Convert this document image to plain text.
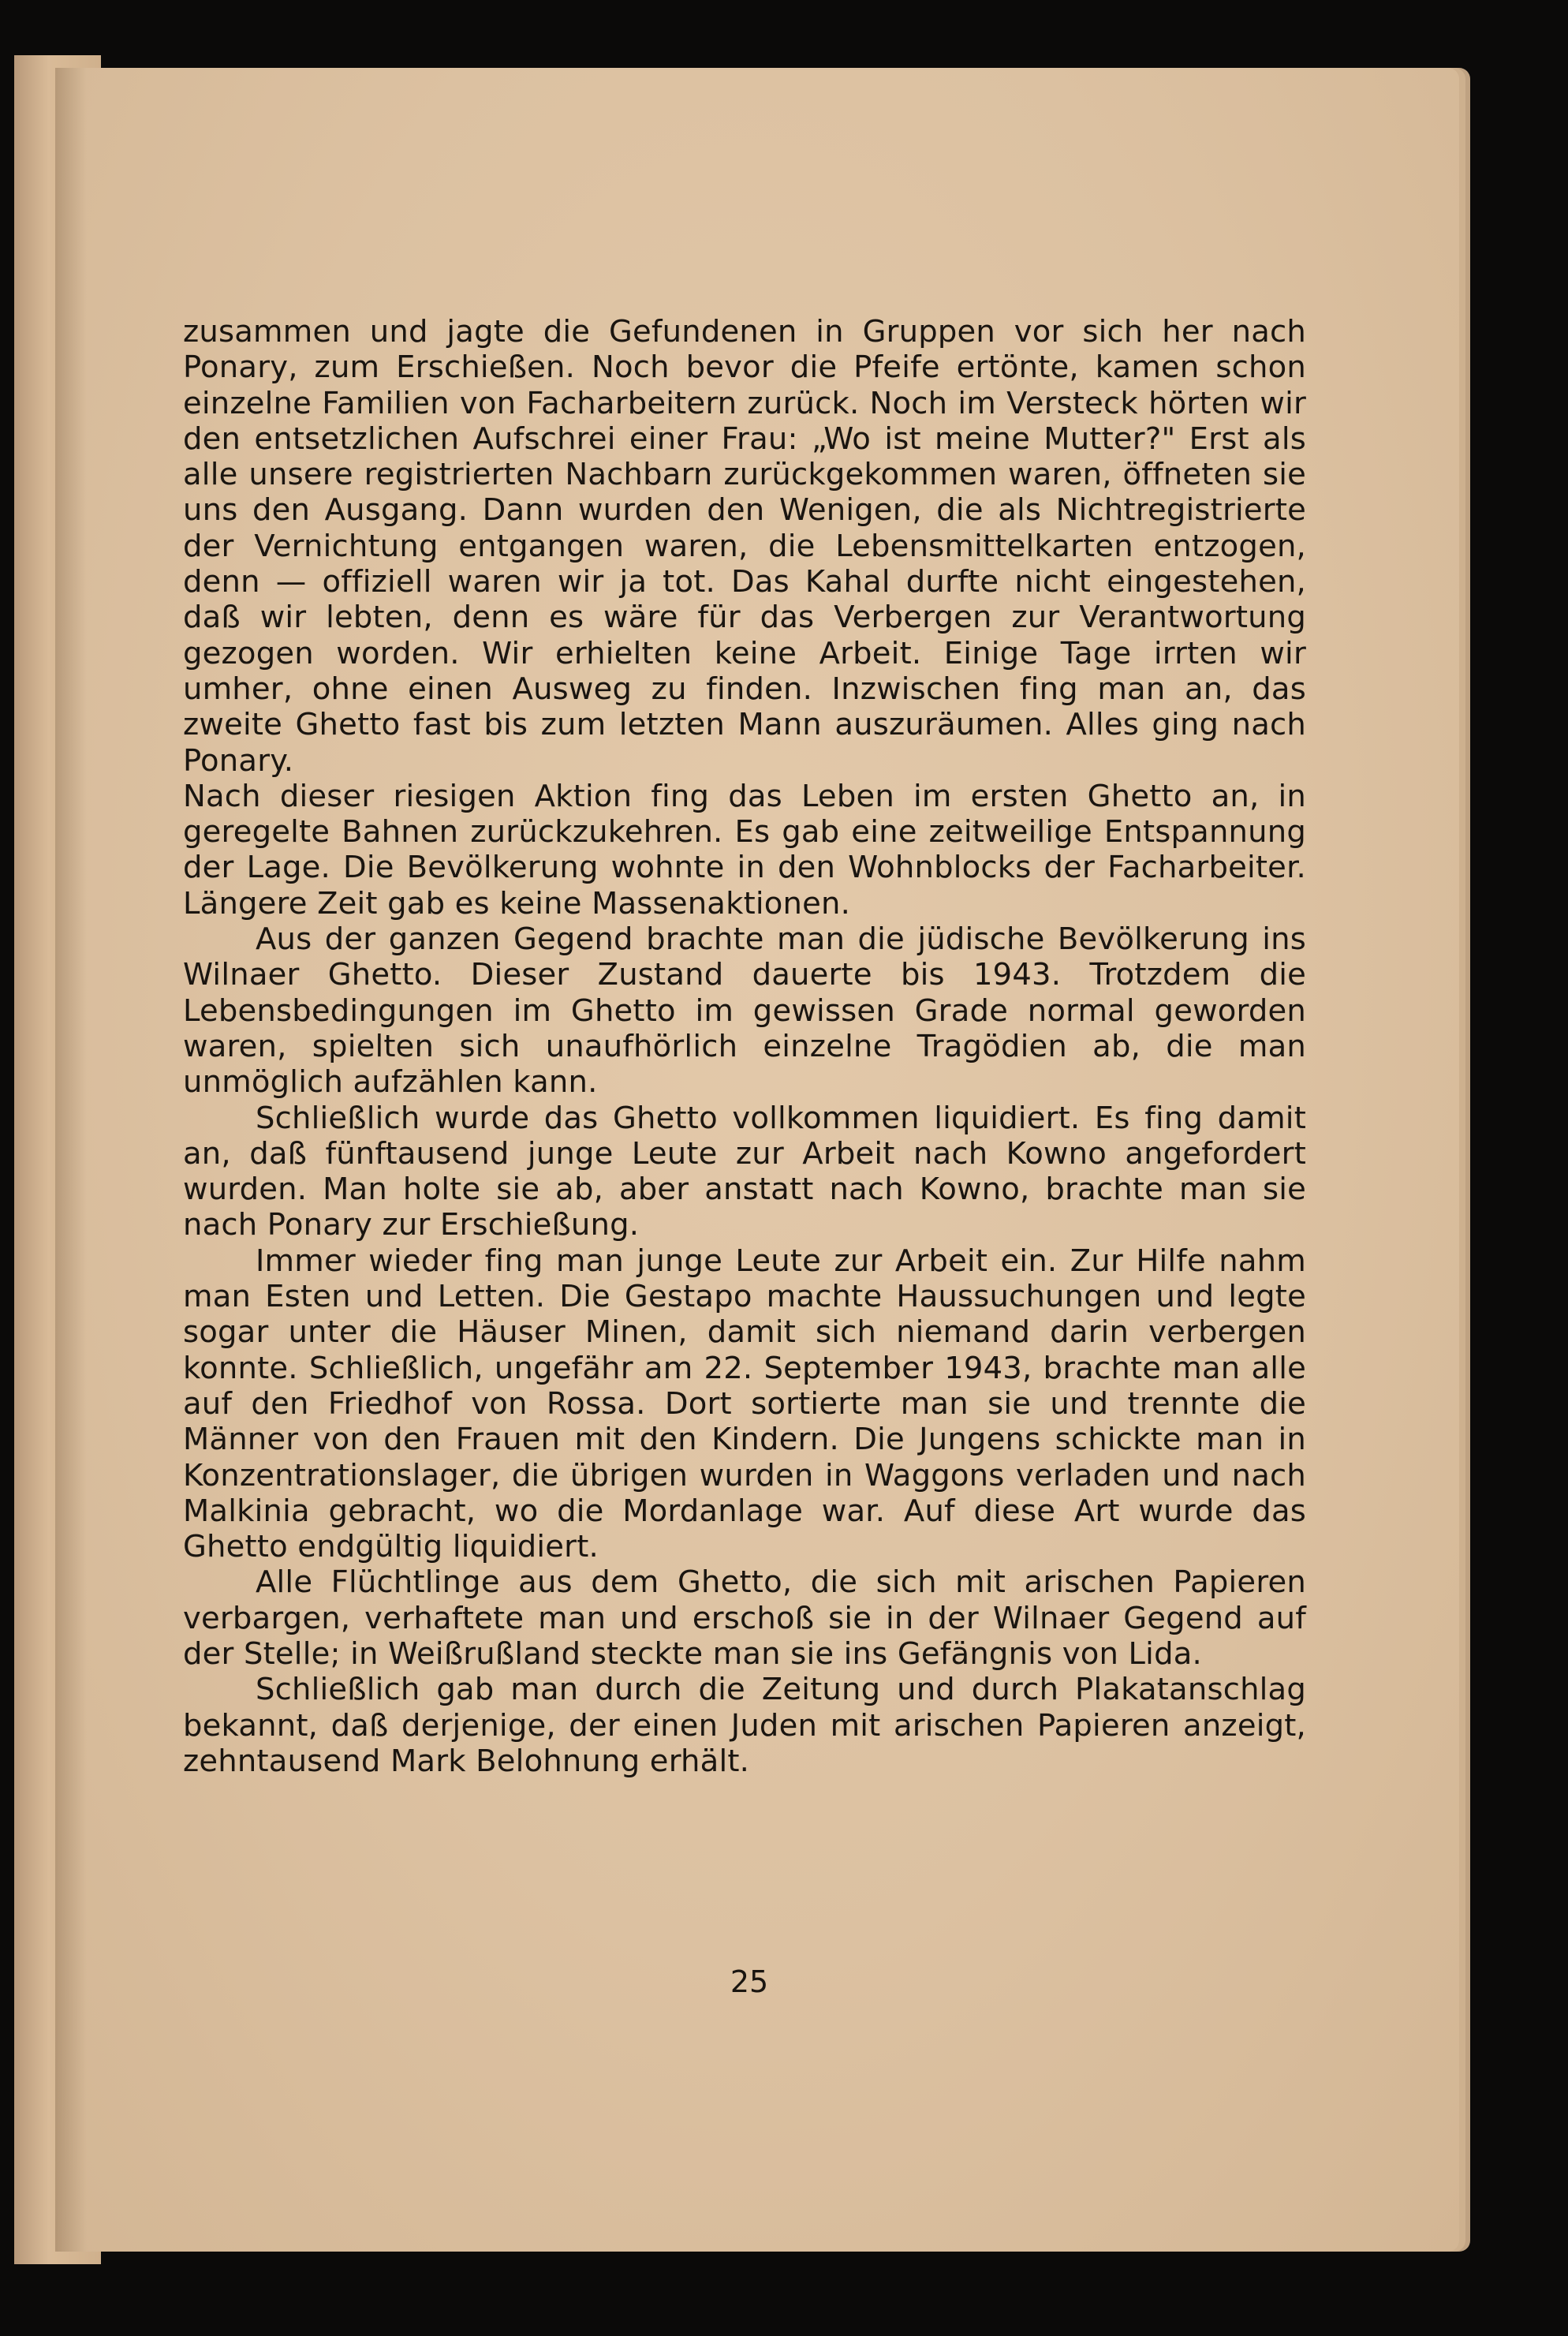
zusammen und jagte die Gefundenen in Gruppen vor sich her nach Ponary, zum Erschießen. Noch bevor die Pfeife ertönte, kamen schon einzelne Familien von Facharbeitern zurück. Noch im Versteck hörten wir den entsetzlichen Aufschrei einer Frau: „Wo ist meine Mutter?" Erst als alle unsere registrierten Nachbarn zurückgekommen waren, öffneten sie uns den Ausgang. Dann wurden den Wenigen, die als Nichtregistrierte der Vernichtung entgangen waren, die Lebensmittelkarten entzogen, denn — offiziell waren wir ja tot. Das Kahal durfte nicht eingestehen, daß wir lebten, denn es wäre für das Verbergen zur Verantwortung gezogen worden. Wir erhielten keine Arbeit. Einige Tage irrten wir umher, ohne einen Ausweg zu finden. Inzwischen fing man an, das zweite Ghetto fast bis zum letzten Mann auszuräumen. Alles ging nach Ponary.

Nach dieser riesigen Aktion fing das Leben im ersten Ghetto an, in geregelte Bahnen zurückzukehren. Es gab eine zeitweilige Entspannung der Lage. Die Bevölkerung wohnte in den Wohnblocks der Facharbeiter. Längere Zeit gab es keine Massenaktionen.

Aus der ganzen Gegend brachte man die jüdische Bevölkerung ins Wilnaer Ghetto. Dieser Zustand dauerte bis 1943. Trotzdem die Lebensbedingungen im Ghetto im gewissen Grade normal geworden waren, spielten sich unaufhörlich einzelne Tragödien ab, die man unmöglich aufzählen kann.

Schließlich wurde das Ghetto vollkommen liquidiert. Es fing damit an, daß fünftausend junge Leute zur Arbeit nach Kowno angefordert wurden. Man holte sie ab, aber anstatt nach Kowno, brachte man sie nach Ponary zur Erschießung.

Immer wieder fing man junge Leute zur Arbeit ein. Zur Hilfe nahm man Esten und Letten. Die Gestapo machte Haussuchungen und legte sogar unter die Häuser Minen, damit sich niemand darin verbergen konnte. Schließlich, ungefähr am 22. September 1943, brachte man alle auf den Friedhof von Rossa. Dort sortierte man sie und trennte die Männer von den Frauen mit den Kindern. Die Jungens schickte man in Konzentrationslager, die übrigen wurden in Waggons verladen und nach Malkinia gebracht, wo die Mordanlage war. Auf diese Art wurde das Ghetto endgültig liquidiert.

Alle Flüchtlinge aus dem Ghetto, die sich mit arischen Papieren verbargen, verhaftete man und erschoß sie in der Wilnaer Gegend auf der Stelle; in Weißrußland steckte man sie ins Gefängnis von Lida.

Schließlich gab man durch die Zeitung und durch Plakatanschlag bekannt, daß derjenige, der einen Juden mit arischen Papieren anzeigt, zehntausend Mark Belohnung erhält.

25
